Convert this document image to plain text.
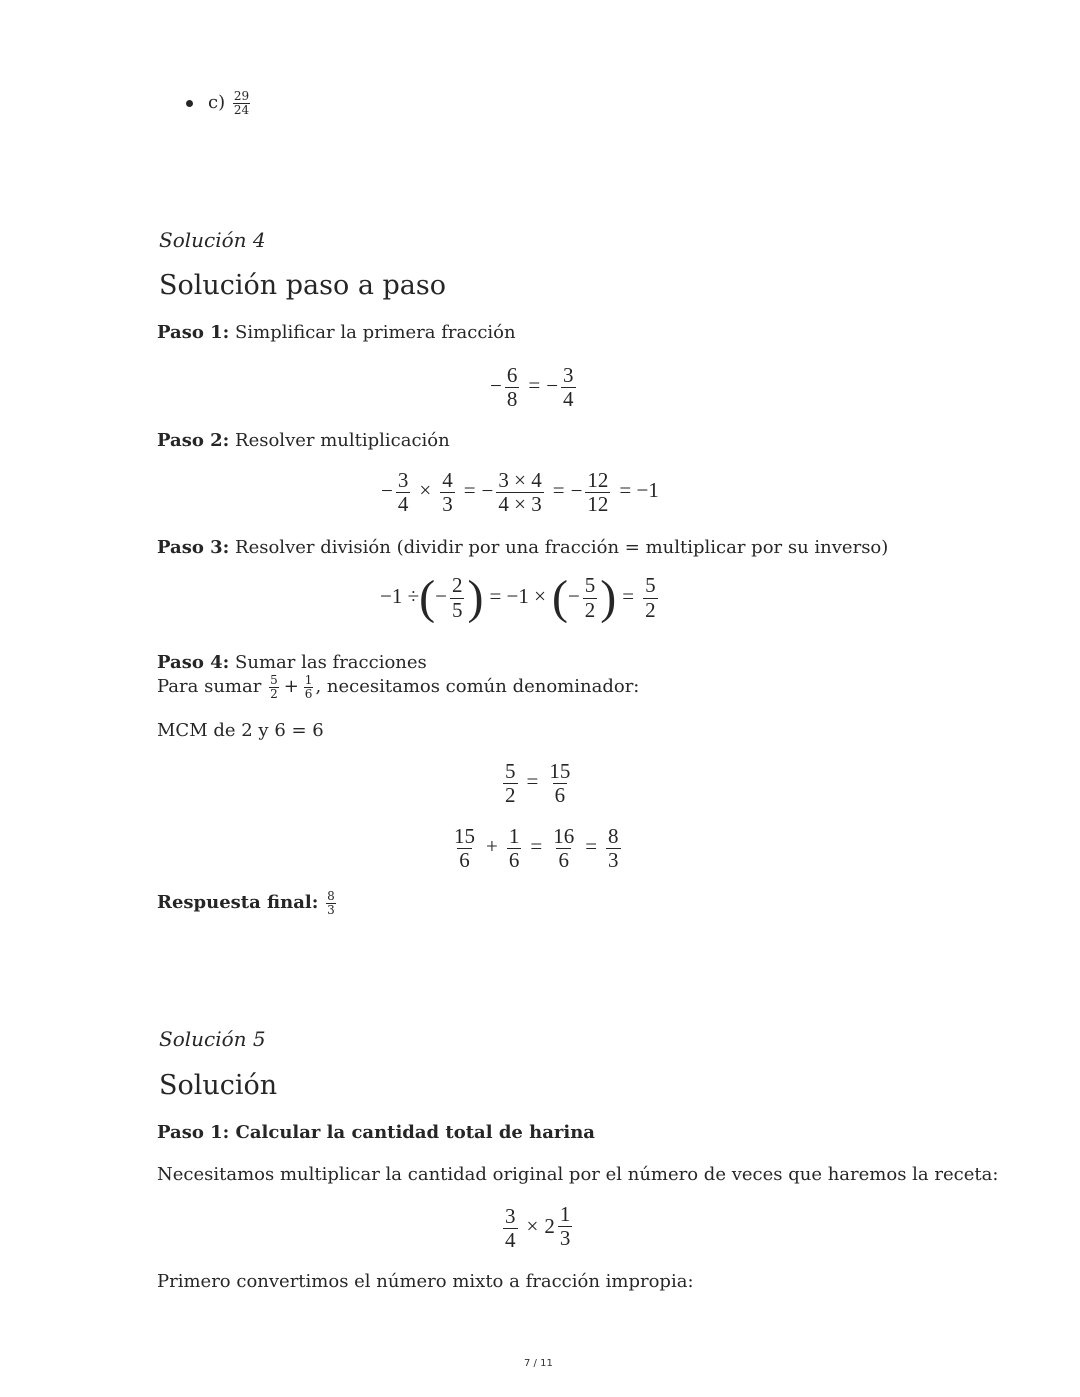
$c) \frac{29}{24}$
Solución 4
Solución paso a paso
Paso 1: Simplificar la primera fracción
− $\frac{6}{8}$ = − $\frac{3}{4}$
Paso 2: Resolver multiplicación
− $\frac{3}{4} \times \frac{4}{3}$ = − $\frac{3 \times 4}{4 \times 3}$ = − $\frac{12}{12} = -1$
Paso 3: Resolver división (dividir por una fracción = multiplicar por su inverso)
−1 ÷(− $\frac{2}{5}$ ) = −1 × (− $\frac{5}{2}$ ) = $\frac{5}{2}$
Paso 4: Sumar las fracciones
Para sumar $\frac{5}{2} + \frac{1}{6}$ , necesitamos común denominador:
MCM de 2 y 6 = 6
$\frac{5}{2} = \frac{15}{6}$
$\frac{15}{6} + \frac{1}{6} = \frac{16}{6} = \frac{8}{3}$
Respuesta final: $\frac{8}{3}$
Solución 5
Solución
Paso 1: Calcular la cantidad total de harina
Necesitamos multiplicar la cantidad original por el número de veces que haremos la receta:
$\frac{3}{4} \times 2 \frac{1}{3}$
Primero convertimos el número mixto a fracción impropia:
7 / 11
